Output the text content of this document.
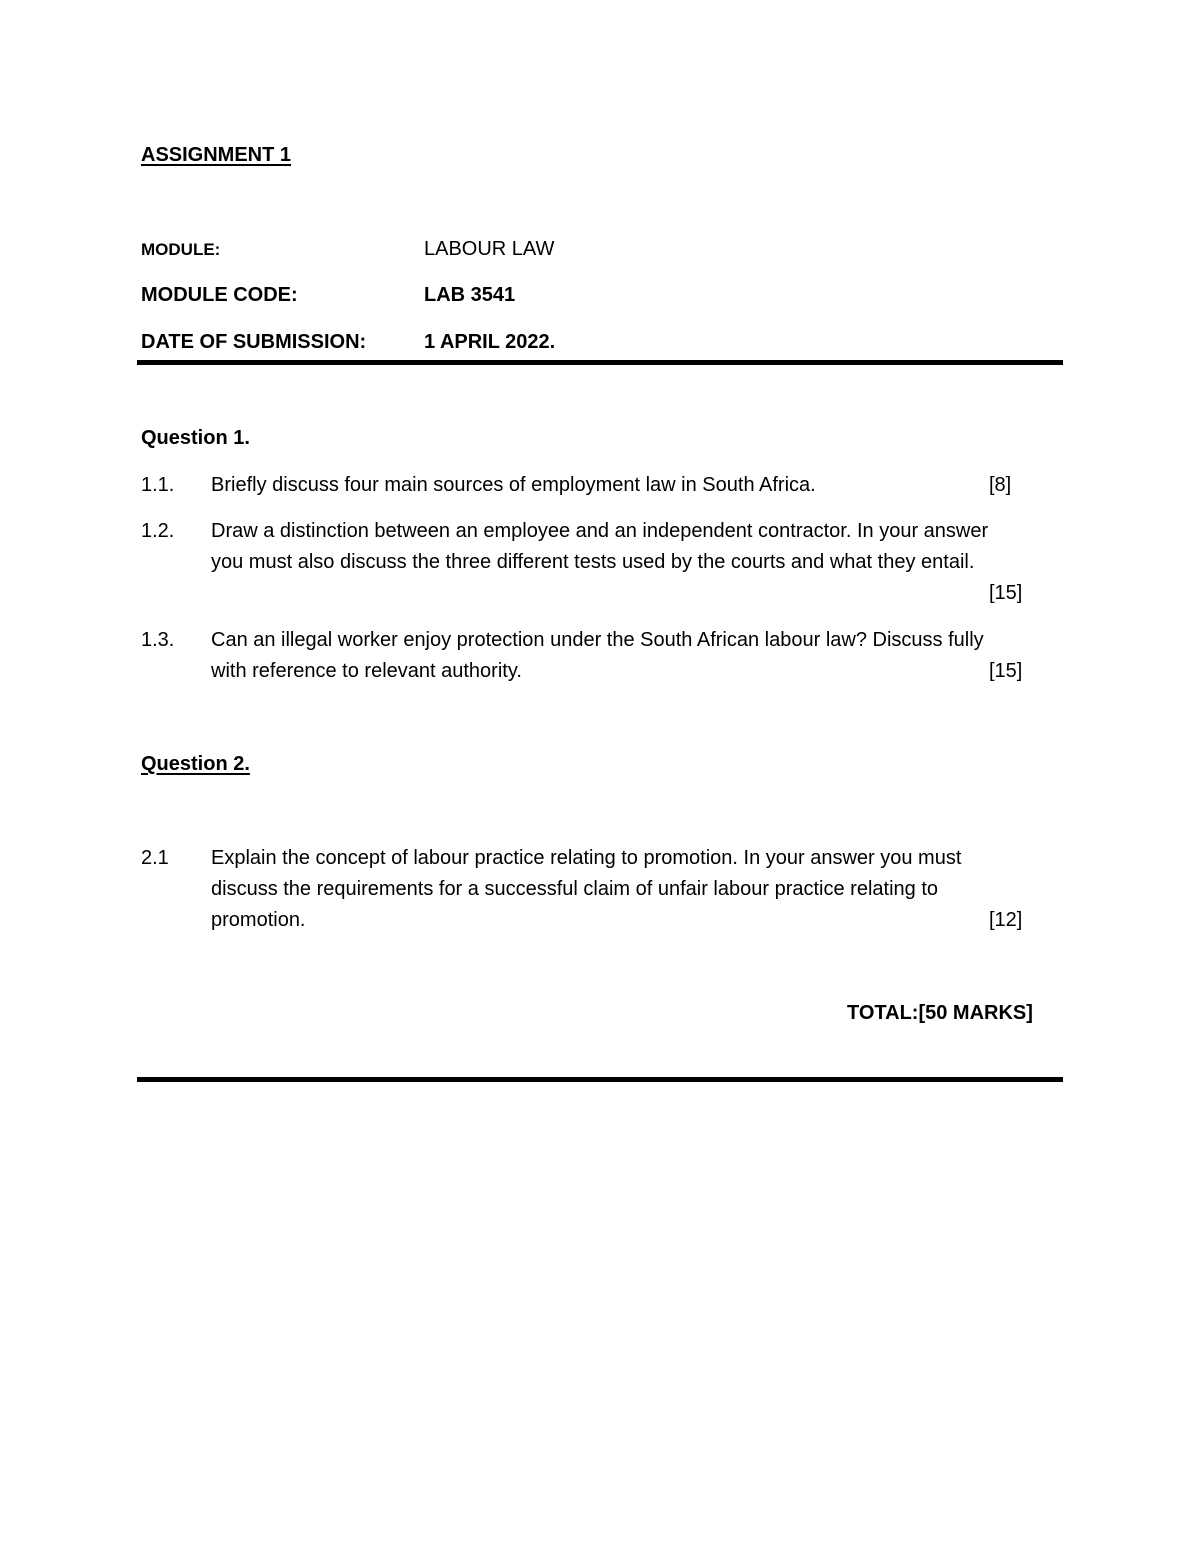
ASSIGNMENT 1
MODULE:	LABOUR LAW
MODULE CODE:	LAB 3541
DATE OF SUBMISSION:	1 APRIL 2022.
Question 1.
1.1. Briefly discuss four main sources of employment law in South Africa.	[8]
1.2. Draw a distinction between an employee and an independent contractor. In your answer
you must also discuss the three different tests used by the courts and what they entail.
[15]
1.3. Can an illegal worker enjoy protection under the South African labour law? Discuss fully
with reference to relevant authority.	[15]
Question 2.
2.1 Explain the concept of labour practice relating to promotion. In your answer you must
discuss the requirements for a successful claim of unfair labour practice relating to
promotion.	[12]
TOTAL:[50 MARKS]
